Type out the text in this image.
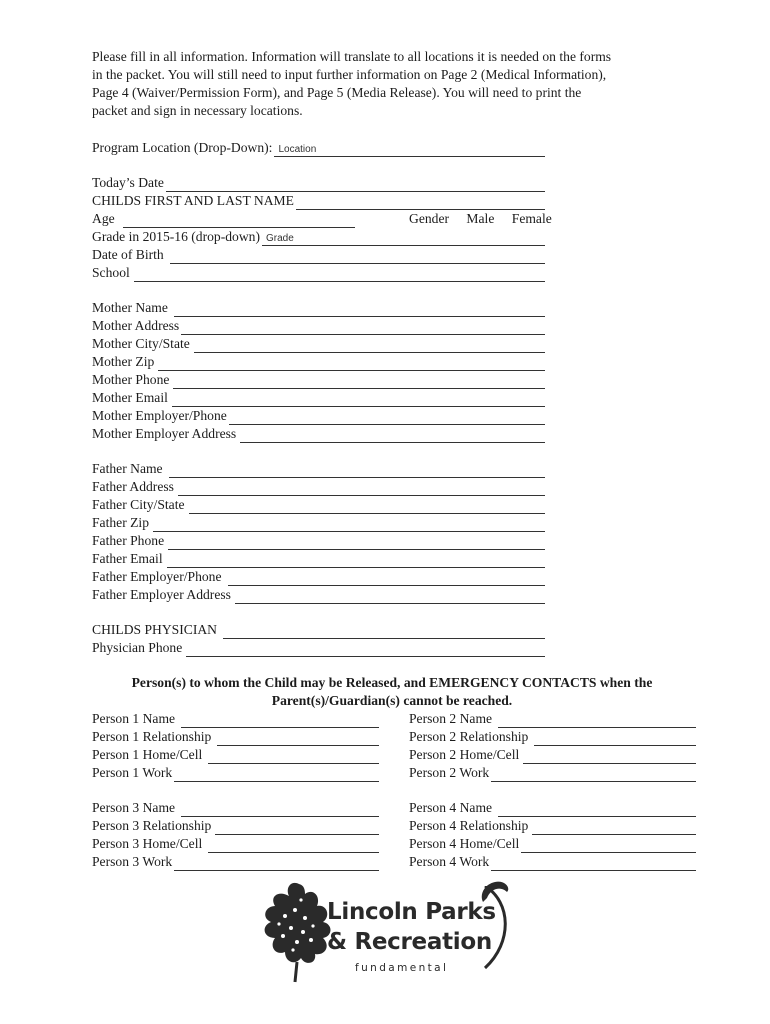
Please fill in all information. Information will translate to all locations it is needed on the forms

in the packet. You will still need to input further information on Page 2 (Medical Information),

Page 4 (Waiver/Permission Form), and Page 5 (Media Release). You will need to print the

packet and sign in necessary locations.

Program Location (Drop-Down): Location
Today’s Date
CHILDS FIRST AND LAST NAME
Age	Gender Male Female
Grade in 2015-16 (drop-down) Grade
Date of Birth
School
Mother Name
Mother Address
Mother City/State
Mother Zip
Mother Phone
Mother Email
Mother Employer/Phone
Mother Employer Address
Father Name
Father Address
Father City/State
Father Zip
Father Phone
Father Email
Father Employer/Phone
Father Employer Address
CHILDS PHYSICIAN
Physician Phone
Person(s) to whom the Child may be Released, and EMERGENCY CONTACTS when the
Parent(s)/Guardian(s) cannot be reached.
Person 1 Name
Person 1 Relationship
Person 1 Home/Cell
Person 1 Work
Person 2 Name
Person 2 Relationship
Person 2 Home/Cell
Person 2 Work
Person 3 Name
Person 3 Relationship
Person 3 Home/Cell
Person 3 Work
Person 4 Name
Person 4 Relationship
Person 4 Home/Cell
Person 4 Work
Lincoln Parks
& Recreation
fundamental
